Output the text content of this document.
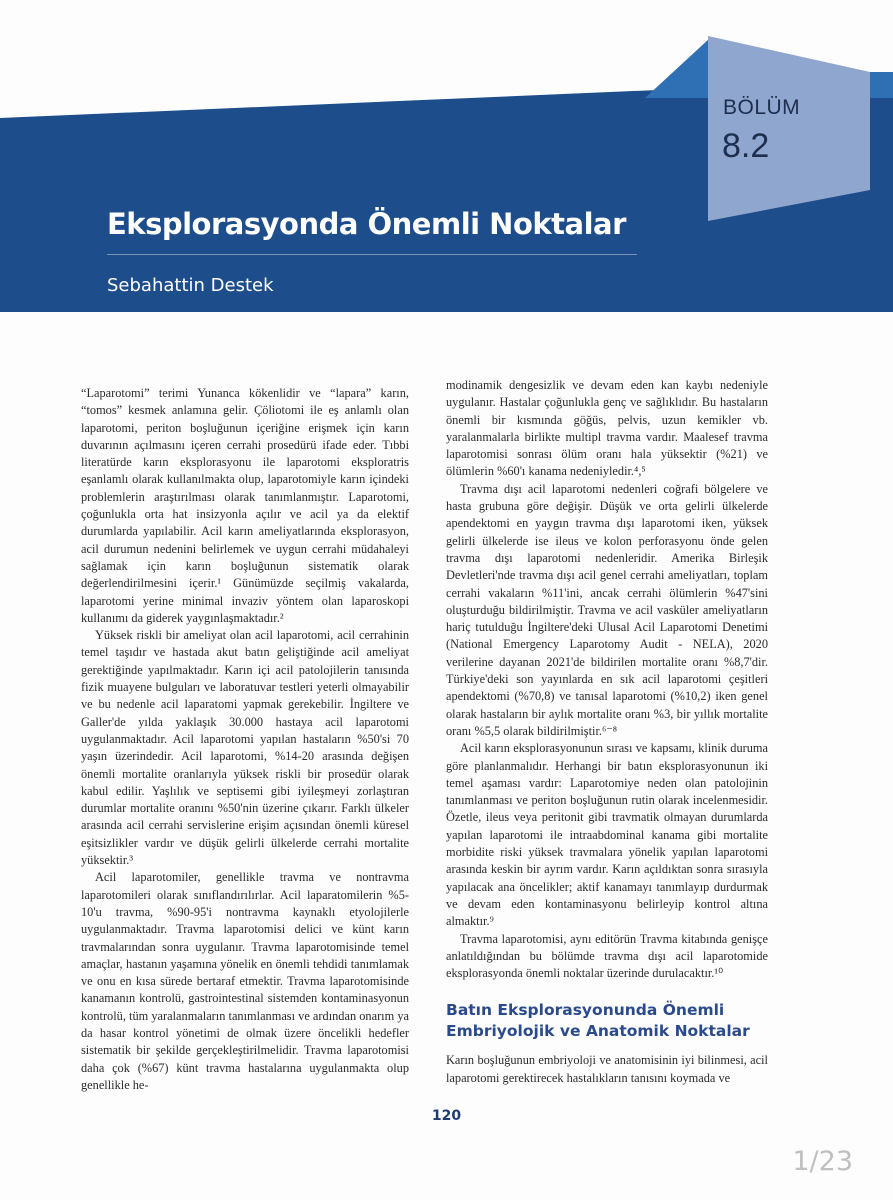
BÖLÜM
8.2
Eksplorasyonda Önemli Noktalar
Sebahattin Destek

“Laparotomi” terimi Yunanca kökenlidir ve “lapara” karın, “tomos” kesmek anlamına gelir. Çöliotomi ile eş anlamlı olan laparotomi, periton boşluğunun içeriğine erişmek için karın duvarının açılmasını içeren cerrahi prosedürü ifade eder. Tıbbi literatürde karın eksplorasyonu ile laparotomi eksploratris eşanlamlı olarak kullanılmakta olup, laparotomiyle karın içindeki problemlerin araştırılması olarak tanımlanmıştır. Laparotomi, çoğunlukla orta hat insizyonla açılır ve acil ya da elektif durumlarda yapılabilir. Acil karın ameliyatlarında eksplorasyon, acil durumun nedenini belirlemek ve uygun cerrahi müdahaleyi sağlamak için karın boşluğunun sistematik olarak değerlendirilmesini içerir.¹ Günümüzde seçilmiş vakalarda, laparotomi yerine minimal invaziv yöntem olan laparoskopi kullanımı da giderek yaygınlaşmaktadır.²

Yüksek riskli bir ameliyat olan acil laparotomi, acil cerrahinin temel taşıdır ve hastada akut batın geliştiğinde acil ameliyat gerektiğinde yapılmaktadır. Karın içi acil patolojilerin tanısında fizik muayene bulguları ve laboratuvar testleri yeterli olmayabilir ve bu nedenle acil laparatomi yapmak gerekebilir. İngiltere ve Galler'de yılda yaklaşık 30.000 hastaya acil laparotomi uygulanmaktadır. Acil laparotomi yapılan hastaların %50'si 70 yaşın üzerindedir. Acil laparotomi, %14-20 arasında değişen önemli mortalite oranlarıyla yüksek riskli bir prosedür olarak kabul edilir. Yaşlılık ve septisemi gibi iyileşmeyi zorlaştıran durumlar mortalite oranını %50'nin üzerine çıkarır. Farklı ülkeler arasında acil cerrahi servislerine erişim açısından önemli küresel eşitsizlikler vardır ve düşük gelirli ülkelerde cerrahi mortalite yüksektir.³

Acil laparotomiler, genellikle travma ve nontravma laparotomileri olarak sınıflandırılırlar. Acil laparatomilerin %5-10'u travma, %90-95'i nontravma kaynaklı etyolojilerle uygulanmaktadır. Travma laparotomisi delici ve künt karın travmalarından sonra uygulanır. Travma laparotomisinde temel amaçlar, hastanın yaşamına yönelik en önemli tehdidi tanımlamak ve onu en kısa sürede bertaraf etmektir. Travma laparotomisinde kanamanın kontrolü, gastrointestinal sistemden kontaminasyonun kontrolü, tüm yaralanmaların tanımlanması ve ardından onarım ya da hasar kontrol yönetimi de olmak üzere öncelikli hedefler sistematik bir şekilde gerçekleştirilmelidir. Travma laparotomisi daha çok (%67) künt travma hastalarına uygulanmakta olup genellikle he-

modinamik dengesizlik ve devam eden kan kaybı nedeniyle uygulanır. Hastalar çoğunlukla genç ve sağlıklıdır. Bu hastaların önemli bir kısmında göğüs, pelvis, uzun kemikler vb. yaralanmalarla birlikte multipl travma vardır. Maalesef travma laparotomisi sonrası ölüm oranı hala yüksektir (%21) ve ölümlerin %60'ı kanama nedeniyledir.⁴,⁵

Travma dışı acil laparotomi nedenleri coğrafi bölgelere ve hasta grubuna göre değişir. Düşük ve orta gelirli ülkelerde apendektomi en yaygın travma dışı laparotomi iken, yüksek gelirli ülkelerde ise ileus ve kolon perforasyonu önde gelen travma dışı laparotomi nedenleridir. Amerika Birleşik Devletleri'nde travma dışı acil genel cerrahi ameliyatları, toplam cerrahi vakaların %11'ini, ancak cerrahi ölümlerin %47'sini oluşturduğu bildirilmiştir. Travma ve acil vasküler ameliyatların hariç tutulduğu İngiltere'deki Ulusal Acil Laparotomi Denetimi (National Emergency Laparotomy Audit - NELA), 2020 verilerine dayanan 2021'de bildirilen mortalite oranı %8,7'dir. Türkiye'deki son yayınlarda en sık acil laparotomi çeşitleri apendektomi (%70,8) ve tanısal laparotomi (%10,2) iken genel olarak hastaların bir aylık mortalite oranı %3, bir yıllık mortalite oranı %5,5 olarak bildirilmiştir.⁶⁻⁸

Acil karın eksplorasyonunun sırası ve kapsamı, klinik duruma göre planlanmalıdır. Herhangi bir batın eksplorasyonunun iki temel aşaması vardır: Laparotomiye neden olan patolojinin tanımlanması ve periton boşluğunun rutin olarak incelenmesidir. Özetle, ileus veya peritonit gibi travmatik olmayan durumlarda yapılan laparotomi ile intraabdominal kanama gibi mortalite morbidite riski yüksek travmalara yönelik yapılan laparotomi arasında keskin bir ayrım vardır. Karın açıldıktan sonra sırasıyla yapılacak ana öncelikler; aktif kanamayı tanımlayıp durdurmak ve devam eden kontaminasyonu belirleyip kontrol altına almaktır.⁹

Travma laparotomisi, aynı editörün Travma kitabında genişçe anlatıldığından bu bölümde travma dışı acil laparotomide eksplorasyonda önemli noktalar üzerinde durulacaktır.¹⁰

Batın Eksplorasyonunda Önemli Embriyolojik ve Anatomik Noktalar

Karın boşluğunun embriyoloji ve anatomisinin iyi bilinmesi, acil laparotomi gerektirecek hastalıkların tanısını koymada ve

120
1/23
